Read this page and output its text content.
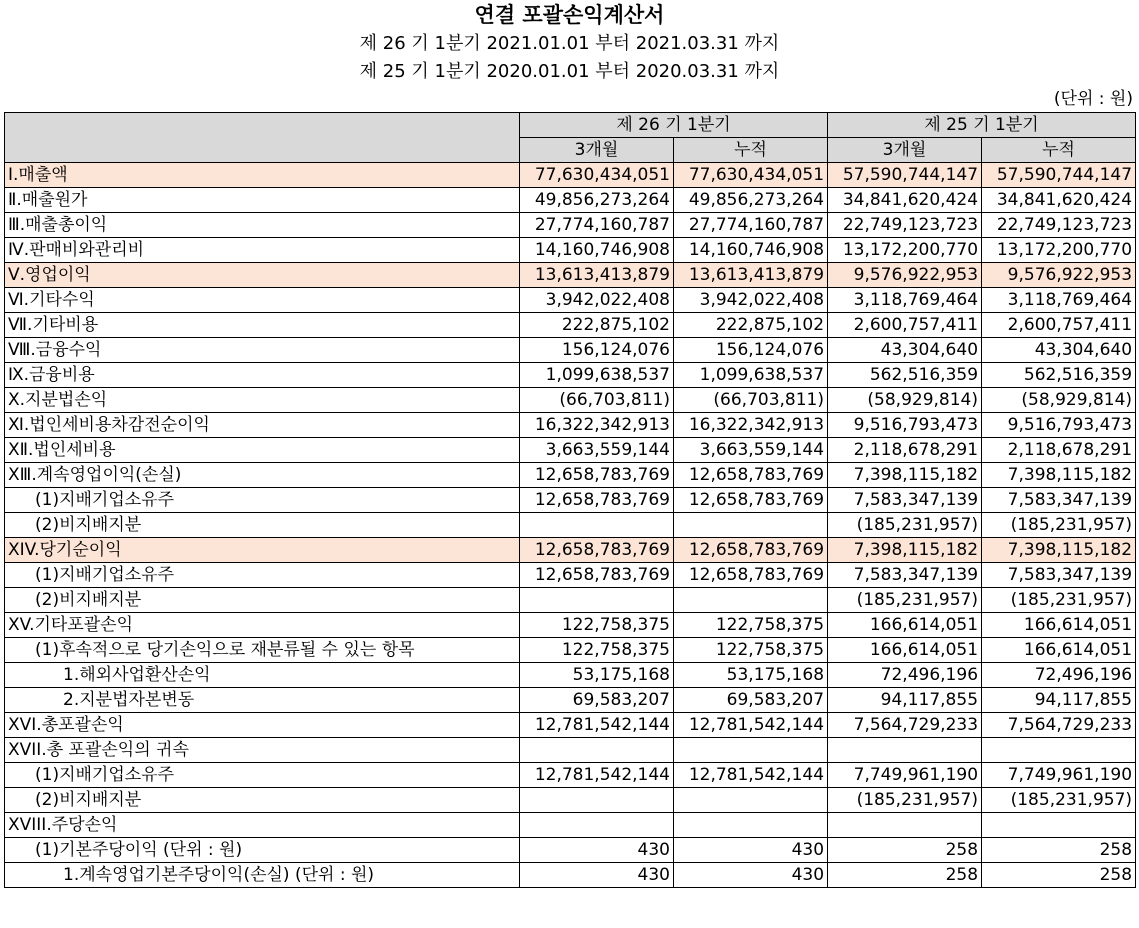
연결 포괄손익계산서
제 26 기 1분기 2021.01.01 부터 2021.03.31 까지
제 25 기 1분기 2020.01.01 부터 2020.03.31 까지
(단위 : 원)
	제 26 기 1분기		제 25 기 1분기	
	3개월	누적	3개월	누적
Ⅰ.매출액	77,630,434,051	77,630,434,051	57,590,744,147	57,590,744,147
Ⅱ.매출원가	49,856,273,264	49,856,273,264	34,841,620,424	34,841,620,424
Ⅲ.매출총이익	27,774,160,787	27,774,160,787	22,749,123,723	22,749,123,723
Ⅳ.판매비와관리비	14,160,746,908	14,160,746,908	13,172,200,770	13,172,200,770
Ⅴ.영업이익	13,613,413,879	13,613,413,879	9,576,922,953	9,576,922,953
Ⅵ.기타수익	3,942,022,408	3,942,022,408	3,118,769,464	3,118,769,464
Ⅶ.기타비용	222,875,102	222,875,102	2,600,757,411	2,600,757,411
Ⅷ.금융수익	156,124,076	156,124,076	43,304,640	43,304,640
Ⅸ.금융비용	1,099,638,537	1,099,638,537	562,516,359	562,516,359
Ⅹ.지분법손익	(66,703,811)	(66,703,811)	(58,929,814)	(58,929,814)
Ⅺ.법인세비용차감전순이익	16,322,342,913	16,322,342,913	9,516,793,473	9,516,793,473
ⅩⅡ.법인세비용	3,663,559,144	3,663,559,144	2,118,678,291	2,118,678,291
ⅩⅢ.계속영업이익(손실)	12,658,783,769	12,658,783,769	7,398,115,182	7,398,115,182
(1)지배기업소유주	12,658,783,769	12,658,783,769	7,583,347,139	7,583,347,139
(2)비지배지분			(185,231,957)	(185,231,957)
XIV.당기순이익	12,658,783,769	12,658,783,769	7,398,115,182	7,398,115,182
(1)지배기업소유주	12,658,783,769	12,658,783,769	7,583,347,139	7,583,347,139
(2)비지배지분			(185,231,957)	(185,231,957)
XV.기타포괄손익	122,758,375	122,758,375	166,614,051	166,614,051
(1)후속적으로 당기손익으로 재분류될 수 있는 항목	122,758,375	122,758,375	166,614,051	166,614,051
1.해외사업환산손익	53,175,168	53,175,168	72,496,196	72,496,196
2.지분법자본변동	69,583,207	69,583,207	94,117,855	94,117,855
XVI.총포괄손익	12,781,542,144	12,781,542,144	7,564,729,233	7,564,729,233
XVII.총 포괄손익의 귀속				
(1)지배기업소유주	12,781,542,144	12,781,542,144	7,749,961,190	7,749,961,190
(2)비지배지분			(185,231,957)	(185,231,957)
XVIII.주당손익				
(1)기본주당이익 (단위 : 원)	430	430	258	258
1.계속영업기본주당이익(손실) (단위 : 원)	430	430	258	258
